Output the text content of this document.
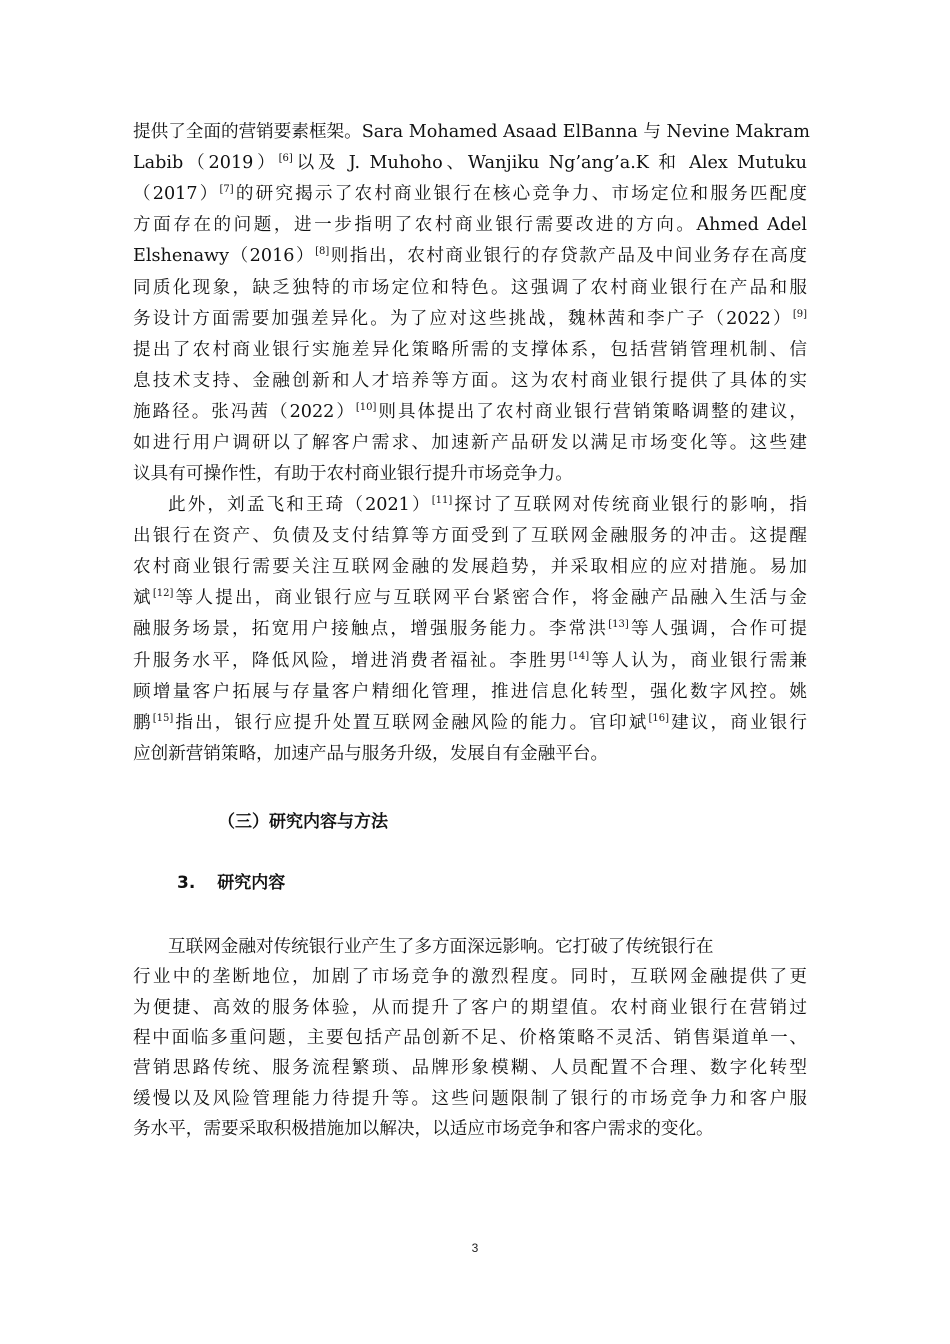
提供了全面的营销要素框架。Sara Mohamed Asaad ElBanna 与 Nevine Makram
Labib（2019）[6]以及 J. Muhoho、Wanjiku Ng’ang’a.K 和 Alex Mutuku
（2017）[7]的研究揭示了农村商业银行在核心竞争力、市场定位和服务匹配度
方面存在的问题，进一步指明了农村商业银行需要改进的方向。Ahmed Adel
Elshenawy（2016）[8]则指出，农村商业银行的存贷款产品及中间业务存在高度
同质化现象，缺乏独特的市场定位和特色。这强调了农村商业银行在产品和服
务设计方面需要加强差异化。为了应对这些挑战，魏林茜和李广子（2022）[9]
提出了农村商业银行实施差异化策略所需的支撑体系，包括营销管理机制、信
息技术支持、金融创新和人才培养等方面。这为农村商业银行提供了具体的实
施路径。张冯茜（2022）[10]则具体提出了农村商业银行营销策略调整的建议，
如进行用户调研以了解客户需求、加速新产品研发以满足市场变化等。这些建
议具有可操作性，有助于农村商业银行提升市场竞争力。
此外，刘孟飞和王琦（2021）[11]探讨了互联网对传统商业银行的影响，指
出银行在资产、负债及支付结算等方面受到了互联网金融服务的冲击。这提醒
农村商业银行需要关注互联网金融的发展趋势，并采取相应的应对措施。易加
斌[12]等人提出，商业银行应与互联网平台紧密合作，将金融产品融入生活与金
融服务场景，拓宽用户接触点，增强服务能力。李常洪[13]等人强调，合作可提
升服务水平，降低风险，增进消费者福祉。李胜男[14]等人认为，商业银行需兼
顾增量客户拓展与存量客户精细化管理，推进信息化转型，强化数字风控。姚
鹏[15]指出，银行应提升处置互联网金融风险的能力。官印斌[16]建议，商业银行
应创新营销策略，加速产品与服务升级，发展自有金融平台。
（三）研究内容与方法
3. 研究内容
互联网金融对传统银行业产生了多方面深远影响。它打破了传统银行在
行业中的垄断地位，加剧了市场竞争的激烈程度。同时，互联网金融提供了更
为便捷、高效的服务体验，从而提升了客户的期望值。农村商业银行在营销过
程中面临多重问题，主要包括产品创新不足、价格策略不灵活、销售渠道单一、
营销思路传统、服务流程繁琐、品牌形象模糊、人员配置不合理、数字化转型
缓慢以及风险管理能力待提升等。这些问题限制了银行的市场竞争力和客户服
务水平，需要采取积极措施加以解决，以适应市场竞争和客户需求的变化。
3
